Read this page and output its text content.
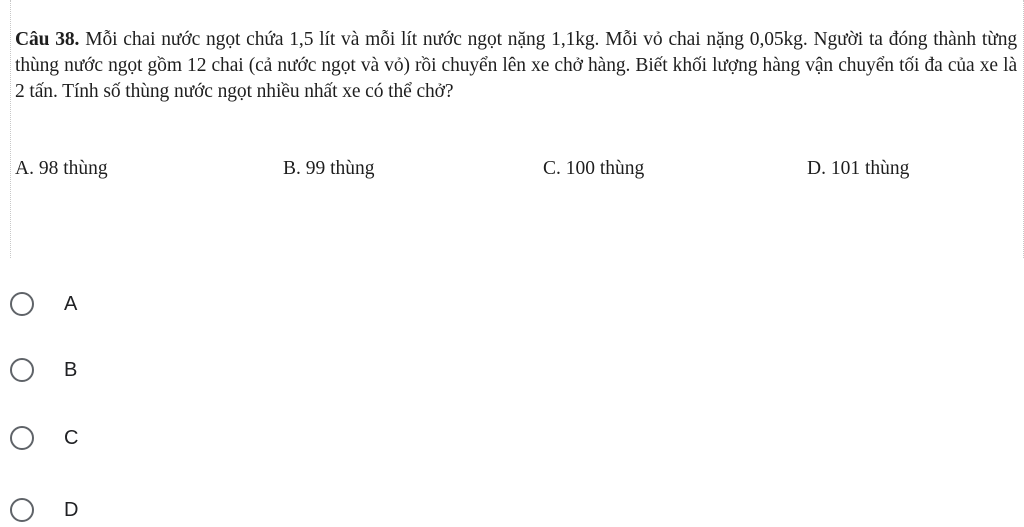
Câu 38. Mỗi chai nước ngọt chứa 1,5 lít và mỗi lít nước ngọt nặng 1,1kg. Mỗi vỏ chai nặng 0,05kg. Người ta đóng thành từng thùng nước ngọt gồm 12 chai (cả nước ngọt và vỏ) rồi chuyển lên xe chở hàng. Biết khối lượng hàng vận chuyển tối đa của xe là 2 tấn. Tính số thùng nước ngọt nhiều nhất xe có thể chở?

A. 98 thùng	B. 99 thùng	C. 100 thùng	D. 101 thùng
A
B
C
D
